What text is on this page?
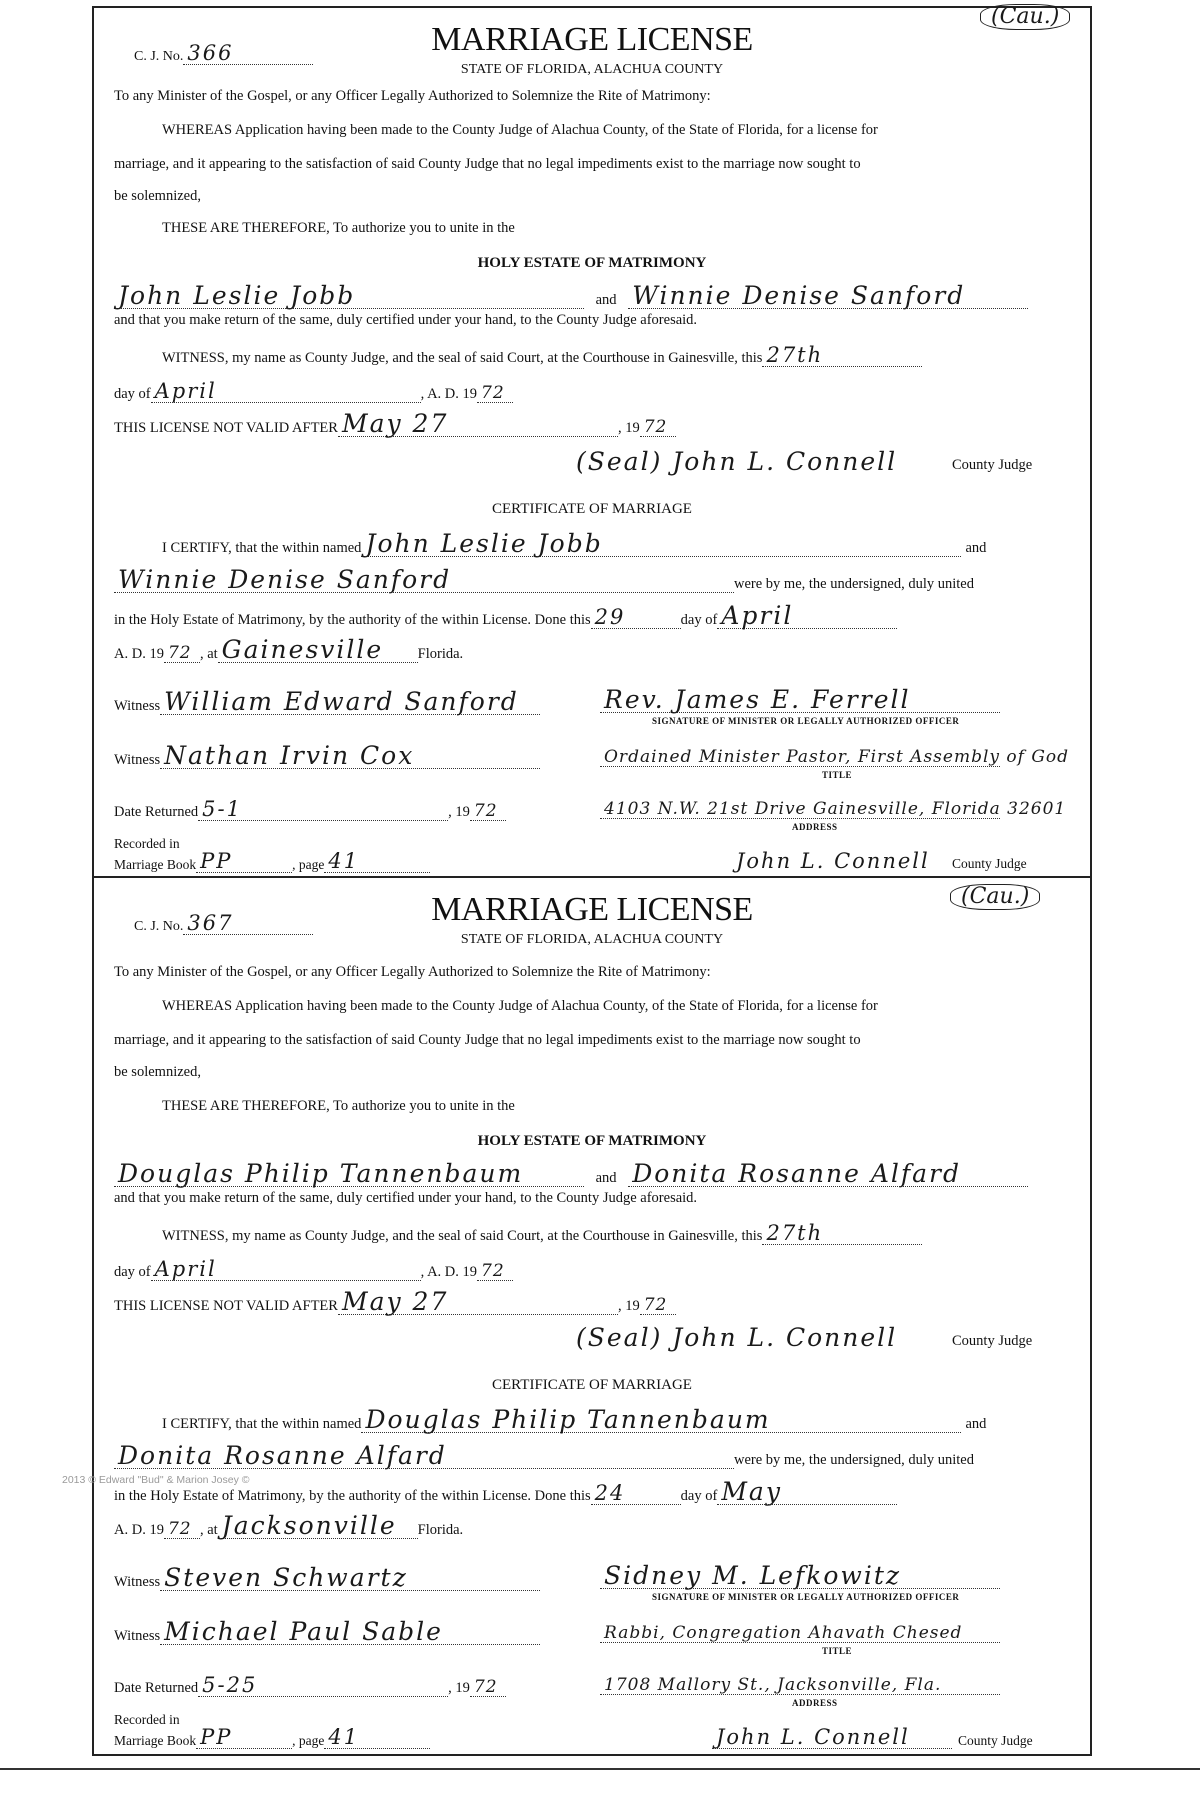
2013 © Edward "Bud" & Marion Josey ©
C. J. No. 366	MARRIAGE LICENSE
STATE OF FLORIDA, ALACHUA COUNTY
(Cau.)
To any Minister of the Gospel, or any Officer Legally Authorized to Solemnize the Rite of Matrimony:
WHEREAS Application having been made to the County Judge of Alachua County, of the State of Florida, for a license for
marriage, and it appearing to the satisfaction of said County Judge that no legal impediments exist to the marriage now sought to
be solemnized,
THESE ARE THEREFORE, To authorize you to unite in the
HOLY ESTATE OF MATRIMONY
John Leslie Jobb	and Winnie Denise Sanford
and that you make return of the same, duly certified under your hand, to the County Judge aforesaid.
WITNESS, my name as County Judge, and the seal of said Court, at the Courthouse in Gainesville, this 27th
day of April	, A. D. 19 72
THIS LICENSE NOT VALID AFTER May 27	, 19 72
(Seal) John L. Connell	County Judge
CERTIFICATE OF MARRIAGE
I CERTIFY, that the within named John Leslie Jobb	and
Winnie Denise Sanford	were by me, the undersigned, duly united
in the Holy Estate of Matrimony, by the authority of the within License. Done this 29	day of April
A. D. 19 72 , at Gainesville Florida.
Witness William Edward Sanford	Rev. James E. Ferrell
SIGNATURE OF MINISTER OR LEGALLY AUTHORIZED OFFICER
Witness Nathan Irvin Cox	Ordained Minister Pastor, First Assembly of God
TITLE
Date Returned 5-1	, 19 72	4103 N.W. 21st Drive Gainesville, Florida 32601
ADDRESS
Recorded in
Marriage Book PP	, page 41	John L. Connell County Judge
C. J. No. 367	MARRIAGE LICENSE
STATE OF FLORIDA, ALACHUA COUNTY
(Cau.)
To any Minister of the Gospel, or any Officer Legally Authorized to Solemnize the Rite of Matrimony:
WHEREAS Application having been made to the County Judge of Alachua County, of the State of Florida, for a license for
marriage, and it appearing to the satisfaction of said County Judge that no legal impediments exist to the marriage now sought to
be solemnized,
THESE ARE THEREFORE, To authorize you to unite in the
HOLY ESTATE OF MATRIMONY
Douglas Philip Tannenbaum	and Donita Rosanne Alfard
and that you make return of the same, duly certified under your hand, to the County Judge aforesaid.
WITNESS, my name as County Judge, and the seal of said Court, at the Courthouse in Gainesville, this 27th
day of April	, A. D. 19 72
THIS LICENSE NOT VALID AFTER May 27	, 19 72
(Seal) John L. Connell	County Judge
CERTIFICATE OF MARRIAGE
I CERTIFY, that the within named Douglas Philip Tannenbaum	and
Donita Rosanne Alfard	were by me, the undersigned, duly united
in the Holy Estate of Matrimony, by the authority of the within License. Done this 24	day of May
A. D. 19 72 , at Jacksonville Florida.
Witness Steven Schwartz	Sidney M. Lefkowitz
SIGNATURE OF MINISTER OR LEGALLY AUTHORIZED OFFICER
Witness Michael Paul Sable	Rabbi, Congregation Ahavath Chesed
TITLE
Date Returned 5-25	, 19 72	1708 Mallory St., Jacksonville, Fla.
ADDRESS
Recorded in
Marriage Book PP	, page 41	John L. Connell	County Judge
